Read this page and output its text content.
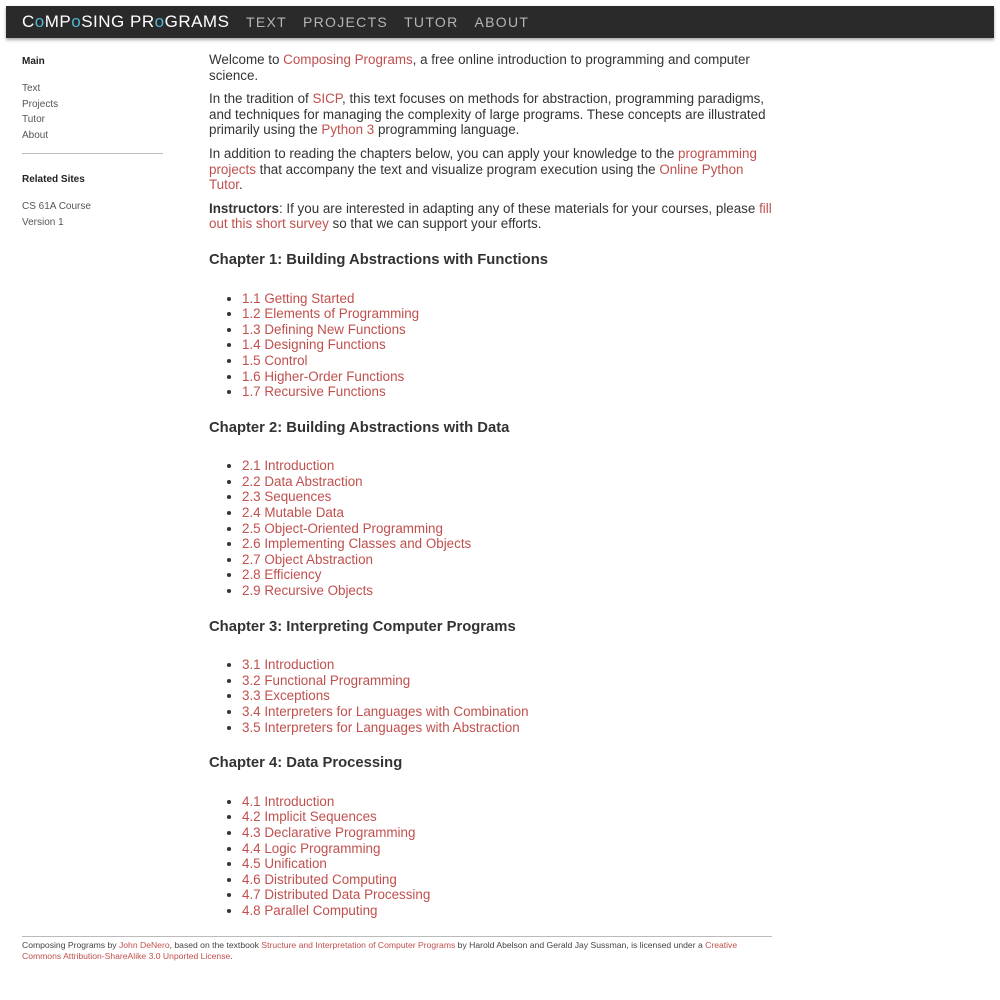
CoMPoSING PRoGRAMS TEXT PROJECTS TUTOR ABOUT
Main
Text
Projects
Tutor
About
Related Sites
CS 61A Course
Version 1

Welcome to Composing Programs, a free online introduction to programming and computer science.

In the tradition of SICP, this text focuses on methods for abstraction, programming paradigms, and techniques for managing the complexity of large programs. These concepts are illustrated primarily using the Python 3 programming language.

In addition to reading the chapters below, you can apply your knowledge to the programming projects that accompany the text and visualize program execution using the Online Python Tutor.

Instructors: If you are interested in adapting any of these materials for your courses, please fill out this short survey so that we can support your efforts.

Chapter 1: Building Abstractions with Functions
• 1.1 Getting Started
• 1.2 Elements of Programming
• 1.3 Defining New Functions
• 1.4 Designing Functions
• 1.5 Control
• 1.6 Higher-Order Functions
• 1.7 Recursive Functions
Chapter 2: Building Abstractions with Data
• 2.1 Introduction
• 2.2 Data Abstraction
• 2.3 Sequences
• 2.4 Mutable Data
• 2.5 Object-Oriented Programming
• 2.6 Implementing Classes and Objects
• 2.7 Object Abstraction
• 2.8 Efficiency
• 2.9 Recursive Objects
Chapter 3: Interpreting Computer Programs
• 3.1 Introduction
• 3.2 Functional Programming
• 3.3 Exceptions
• 3.4 Interpreters for Languages with Combination
• 3.5 Interpreters for Languages with Abstraction
Chapter 4: Data Processing
• 4.1 Introduction
• 4.2 Implicit Sequences
• 4.3 Declarative Programming
• 4.4 Logic Programming
• 4.5 Unification
• 4.6 Distributed Computing
• 4.7 Distributed Data Processing
• 4.8 Parallel Computing
Composing Programs by John DeNero, based on the textbook Structure and Interpretation of Computer Programs by Harold Abelson and Gerald Jay Sussman, is licensed under a Creative Commons Attribution-ShareAlike 3.0 Unported License.
